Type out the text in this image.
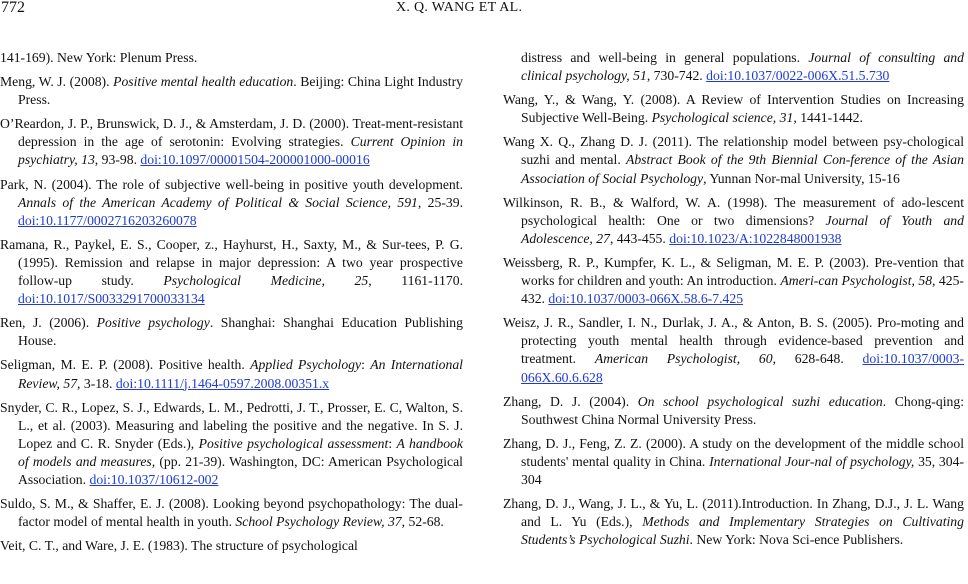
772	X. Q. WANG ET AL.

141-169). New York: Plenum Press.

Meng, W. J. (2008). Positive mental health education. Beijing: China Light Industry Press.

O’Reardon, J. P., Brunswick, D. J., & Amsterdam, J. D. (2000). Treat-ment-resistant depression in the age of serotonin: Evolving strategies. Current Opinion in psychiatry, 13, 93-98. doi:10.1097/00001504-200001000-00016

Park, N. (2004). The role of subjective well-being in positive youth development. Annals of the American Academy of Political & Social Science, 591, 25-39. doi:10.1177/0002716203260078

Ramana, R., Paykel, E. S., Cooper, z., Hayhurst, H., Saxty, M., & Sur-tees, P. G. (1995). Remission and relapse in major depression: A two year prospective follow-up study. Psychological Medicine, 25, 1161-1170. doi:10.1017/S0033291700033134

Ren, J. (2006). Positive psychology. Shanghai: Shanghai Education Publishing House.

Seligman, M. E. P. (2008). Positive health. Applied Psychology: An International Review, 57, 3-18. doi:10.1111/j.1464-0597.2008.00351.x

Snyder, C. R., Lopez, S. J., Edwards, L. M., Pedrotti, J. T., Prosser, E. C, Walton, S. L., et al. (2003). Measuring and labeling the positive and the negative. In S. J. Lopez and C. R. Snyder (Eds.), Positive psychological assessment: A handbook of models and measures, (pp. 21-39). Washington, DC: American Psychological Association. doi:10.1037/10612-002

Suldo, S. M., & Shaffer, E. J. (2008). Looking beyond psychopathology: The dual-factor model of mental health in youth. School Psychology Review, 37, 52-68.

Veit, C. T., and Ware, J. E. (1983). The structure of psychological

distress and well-being in general populations. Journal of consulting and clinical psychology, 51, 730-742. doi:10.1037/0022-006X.51.5.730

Wang, Y., & Wang, Y. (2008). A Review of Intervention Studies on Increasing Subjective Well-Being. Psychological science, 31, 1441-1442.

Wang X. Q., Zhang D. J. (2011). The relationship model between psy-chological suzhi and mental. Abstract Book of the 9th Biennial Con-ference of the Asian Association of Social Psychology, Yunnan Nor-mal University, 15-16

Wilkinson, R. B., & Walford, W. A. (1998). The measurement of ado-lescent psychological health: One or two dimensions? Journal of Youth and Adolescence, 27, 443-455. doi:10.1023/A:1022848001938

Weissberg, R. P., Kumpfer, K. L., & Seligman, M. E. P. (2003). Pre-vention that works for children and youth: An introduction. Ameri-can Psychologist, 58, 425-432. doi:10.1037/0003-066X.58.6-7.425

Weisz, J. R., Sandler, I. N., Durlak, J. A., & Anton, B. S. (2005). Pro-moting and protecting youth mental health through evidence-based prevention and treatment. American Psychologist, 60, 628-648. doi:10.1037/0003-066X.60.6.628

Zhang, D. J. (2004). On school psychological suzhi education. Chong-qing: Southwest China Normal University Press.

Zhang, D. J., Feng, Z. Z. (2000). A study on the development of the middle school students' mental quality in China. International Jour-nal of psychology, 35, 304-304

Zhang, D. J., Wang, J. L., & Yu, L. (2011).Introduction. In Zhang, D.J., J. L. Wang and L. Yu (Eds.), Methods and Implementary Strategies on Cultivating Students’s Psychological Suzhi. New York: Nova Sci-ence Publishers.
